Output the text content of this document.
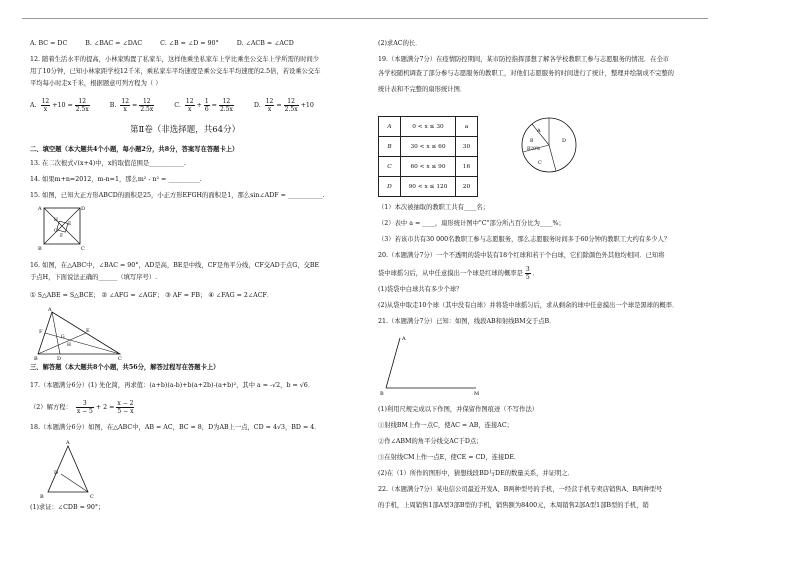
A. BC = DC	B. ∠BAC = ∠DAC	C. ∠B = ∠D = 90°	D. ∠ACB = ∠ACD
12. 随着生活水平的提高，小林家购置了私家车，这样他乘坐私家车上学比乘坐公交车上学所需的时间少
用了10分钟，已知小林家距学校12千米，乘私家车平均速度是乘公交车平均速度的2.5倍，若设乘公交车
平均每小时走x千米，根据题意可列方程为（ ）
A. $\frac{12}{x} +10 = \frac{12}{2.5x}$	B. $\frac{12}{x} = \frac{12}{2.5x}$	C. $\frac{12}{x} + \frac{1}{6} = \frac{12}{2.5x}$	D. $\frac{12}{x} = \frac{12}{2.5x} +10$
第Ⅱ卷（非选择题，共64分）
二、填空题（本大题共4个小题，每小题2分，共8分，答案写在答题卡上）
13. 在二次根式√(x+4)中，x的取值范围是___________.
14. 如果m+n=2012，m-n=1，那么m² - n² = __________.
15. 如图，已知大正方形ABCD的面积是25，小正方形EFGH的面积是1，那么sin∠ADF = ___________.
A	D
B	C
H
E
F
G
16. 如图，在△ABC中，∠BAC = 90°，AD是高，BE是中线，CF是角平分线，CF交AD于点G，交BE
于点H，下面说法正确的______（填写序号）.
① S△ABE = S△BCE； ② ∠AFG = ∠AGF； ③ AF = FB； ④ ∠FAG = 2∠ACF．
A
B	C
D
E
F
G
H
三、解答题（本大题共8个小题，共56分，解答过程写在答题卡上）
17.（本题满分6分）(1) 先化简，再求值：(a+b)(a-b)+b(a+2b)-(a+b)²，其中 a = -√2，b = √6．
（2）解方程： $\frac{3}{x - 5} + 2 = \frac{x - 2}{5 - x}$
18.（本题满分6分）如图，在△ABC中，AB = AC，BC = 8，D为AB上一点，CD = 4√3，BD = 4．
A
B	C
D
(1)求证：∠CDB = 90°；
(2)求AC的长．
19.（本题满分7分）在疫情防控期间，某市防控指挥部想了解各学校教职工参与志愿服务的情况．在全市
各学校随机调查了部分参与志愿服务的教职工，对他们志愿服务的时间进行了统计，整理并绘制成不完整的
统计表和不完整的扇形统计图．
A	0 < x ≤ 30	a
B	30 < x ≤ 60	30
C	60 < x ≤ 90	16
D	90 < x ≤ 120	20
A
B
B20%
C
D
（1）本次被抽取的教职工共有____名；
（2）表中 a = ____，扇形统计图中"C"部分所占百分比为____%；
（3）若该市共有30 000名教职工参与志愿服务，那么志愿服务时间多于60分钟的教职工大约有多少人？
20.（本题满分7分）一个不透明的袋中装有18个红球和若干个白球，它们除颜色外其他均相同．已知将
袋中球摇匀后，从中任意摸出一个球是红球的概率是 $\frac{3}{5}$ ．
(1)袋袋中白球共有多少个球？
(2)从袋中取走10个球（其中没有白球）并将袋中球摇匀后，求从剩余的球中任意摸出一个球是黑球的概率．
21.（本题满分7分）已知：如图，线段AB和射线BM交于点B．
A
B	M
(1)利用尺规完成以下作图，并保留作图痕迹（不写作法）
①射线BM上作一点C，使AC = AB，连接AC；
②作∠ABM的角平分线交AC于D点；
③在射线CM上作一点E，使CE = CD，连接DE．
(2)在（1）所作的图形中，猜想线段BD与DE的数量关系，并证明之．
22.（本题满分7分）某电信公司最近开发A、B两种型号的手机，一经营手机专卖店销售A、B两种型号
的手机，上周销售1部A型3部B型的手机，销售额为8400元，本周销售2部A型1部B型的手机，销
